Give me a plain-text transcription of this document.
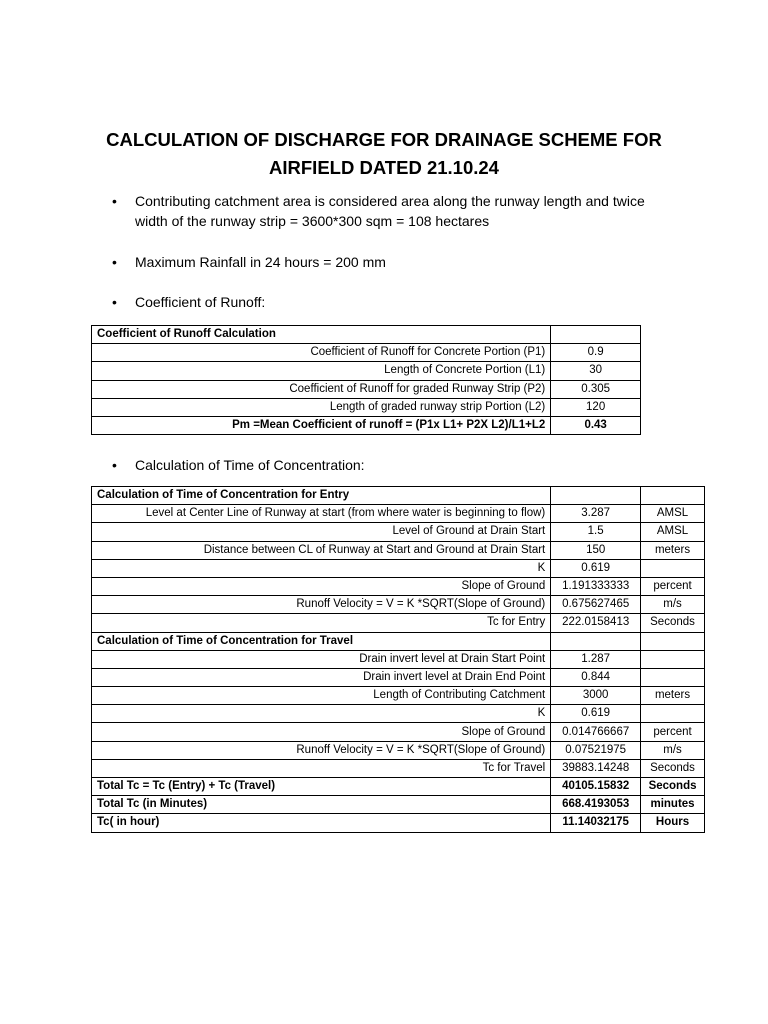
CALCULATION OF DISCHARGE FOR DRAINAGE SCHEME FOR
AIRFIELD DATED 21.10.24
• Contributing catchment area is considered area along the runway length and twice
width of the runway strip = 3600*300 sqm = 108 hectares
• Maximum Rainfall in 24 hours = 200 mm
• Coefficient of Runoff:
• Calculation of Time of Concentration:
Coefficient of Runoff Calculation	
Coefficient of Runoff for Concrete Portion (P1)	0.9
Length of Concrete Portion (L1)	30
Coefficient of Runoff for graded Runway Strip (P2)	0.305
Length of graded runway strip Portion (L2)	120
Pm =Mean Coefficient of runoff = (P1x L1+ P2X L2)/L1+L2	0.43
Calculation of Time of Concentration for Entry		
Level at Center Line of Runway at start (from where water is beginning to flow)	3.287	AMSL
Level of Ground at Drain Start	1.5	AMSL
Distance between CL of Runway at Start and Ground at Drain Start	150	meters
K	0.619	
Slope of Ground	1.191333333	percent
Runoff Velocity = V = K *SQRT(Slope of Ground)	0.675627465	m/s
Tc for Entry	222.0158413	Seconds
Calculation of Time of Concentration for Travel		
Drain invert level at Drain Start Point	1.287	
Drain invert level at Drain End Point	0.844	
Length of Contributing Catchment	3000	meters
K	0.619	
Slope of Ground	0.014766667	percent
Runoff Velocity = V = K *SQRT(Slope of Ground)	0.07521975	m/s
Tc for Travel	39883.14248	Seconds
Total Tc = Tc (Entry) + Tc (Travel)	40105.15832	Seconds
Total Tc (in Minutes)	668.4193053	minutes
Tc( in hour)	11.14032175	Hours
